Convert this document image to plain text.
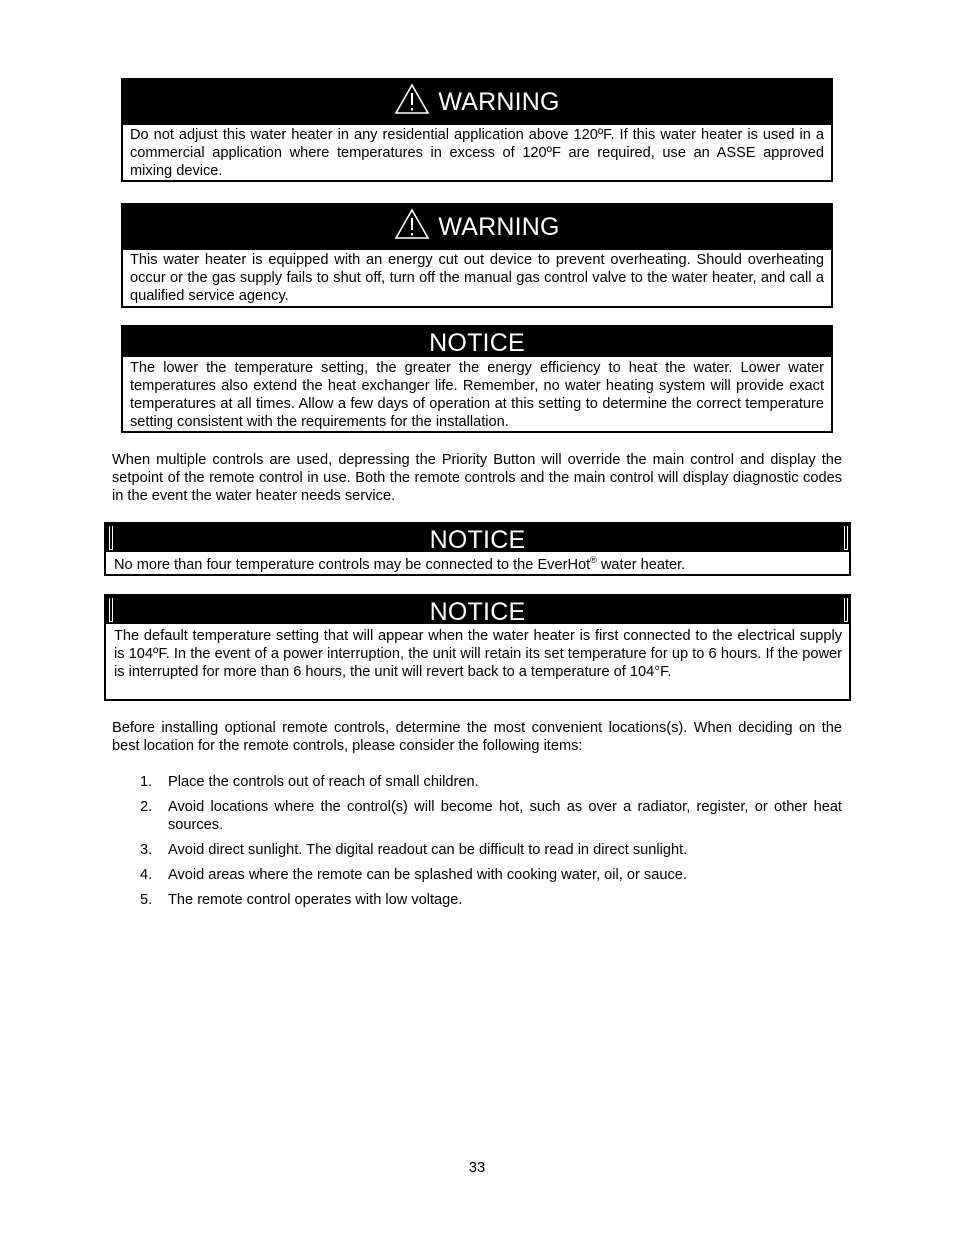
WARNING
Do not adjust this water heater in any residential application above 120ºF. If this water heater is used in a commercial application where temperatures in excess of 120ºF are required, use an ASSE approved mixing device.
WARNING
This water heater is equipped with an energy cut out device to prevent overheating. Should overheating occur or the gas supply fails to shut off, turn off the manual gas control valve to the water heater, and call a qualified service agency.
NOTICE
The lower the temperature setting, the greater the energy efficiency to heat the water. Lower water temperatures also extend the heat exchanger life. Remember, no water heating system will provide exact temperatures at all times. Allow a few days of operation at this setting to determine the correct temperature setting consistent with the requirements for the installation.
When multiple controls are used, depressing the Priority Button will override the main control and display the setpoint of the remote control in use. Both the remote controls and the main control will display diagnostic codes in the event the water heater needs service.
NOTICE
No more than four temperature controls may be connected to the EverHot® water heater.
NOTICE
The default temperature setting that will appear when the water heater is first connected to the electrical supply is 104ºF. In the event of a power interruption, the unit will retain its set temperature for up to 6 hours. If the power is interrupted for more than 6 hours, the unit will revert back to a temperature of 104°F.
Before installing optional remote controls, determine the most convenient locations(s). When deciding on the best location for the remote controls, please consider the following items:
1. Place the controls out of reach of small children.
2. Avoid locations where the control(s) will become hot, such as over a radiator, register, or other heat sources.
3. Avoid direct sunlight. The digital readout can be difficult to read in direct sunlight.
4. Avoid areas where the remote can be splashed with cooking water, oil, or sauce.
5. The remote control operates with low voltage.
33
